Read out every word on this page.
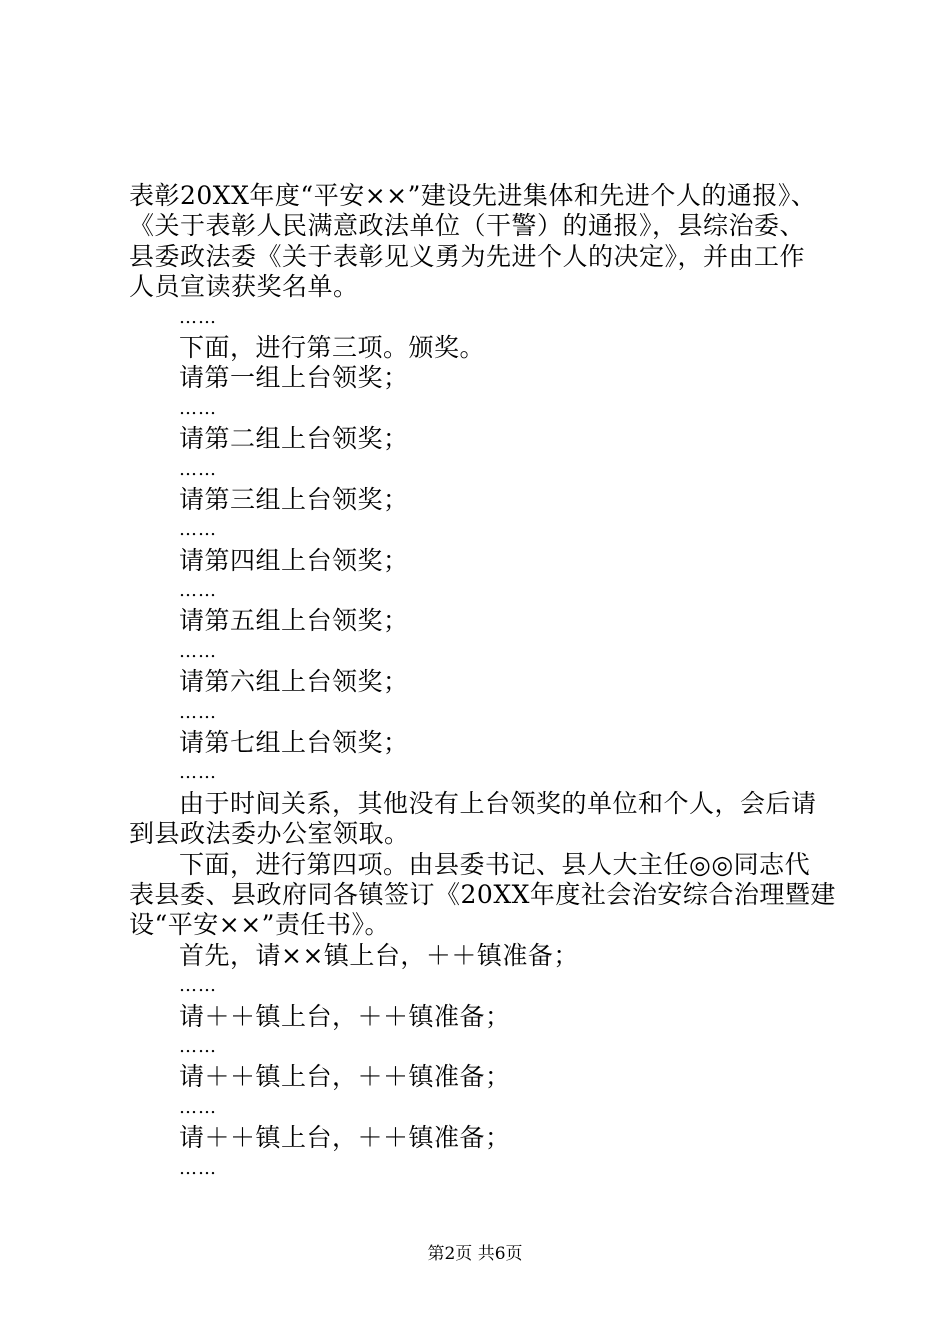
表彰20XX年度“平安××”建设先进集体和先进个人的通报》、
《关于表彰人民满意政法单位（干警）的通报》，县综治委、
县委政法委《关于表彰见义勇为先进个人的决定》，并由工作
人员宣读获奖名单。
……
下面，进行第三项。颁奖。
请第一组上台领奖；
……
请第二组上台领奖；
……
请第三组上台领奖；
……
请第四组上台领奖；
……
请第五组上台领奖；
……
请第六组上台领奖；
……
请第七组上台领奖；
……
由于时间关系，其他没有上台领奖的单位和个人，会后请
到县政法委办公室领取。
下面，进行第四项。由县委书记、县人大主任◎◎同志代
表县委、县政府同各镇签订《20XX年度社会治安综合治理暨建
设“平安××”责任书》。
首先，请××镇上台，＋＋镇准备；
……
请＋＋镇上台，＋＋镇准备；
……
请＋＋镇上台，＋＋镇准备；
……
请＋＋镇上台，＋＋镇准备；
……
第2页 共6页
